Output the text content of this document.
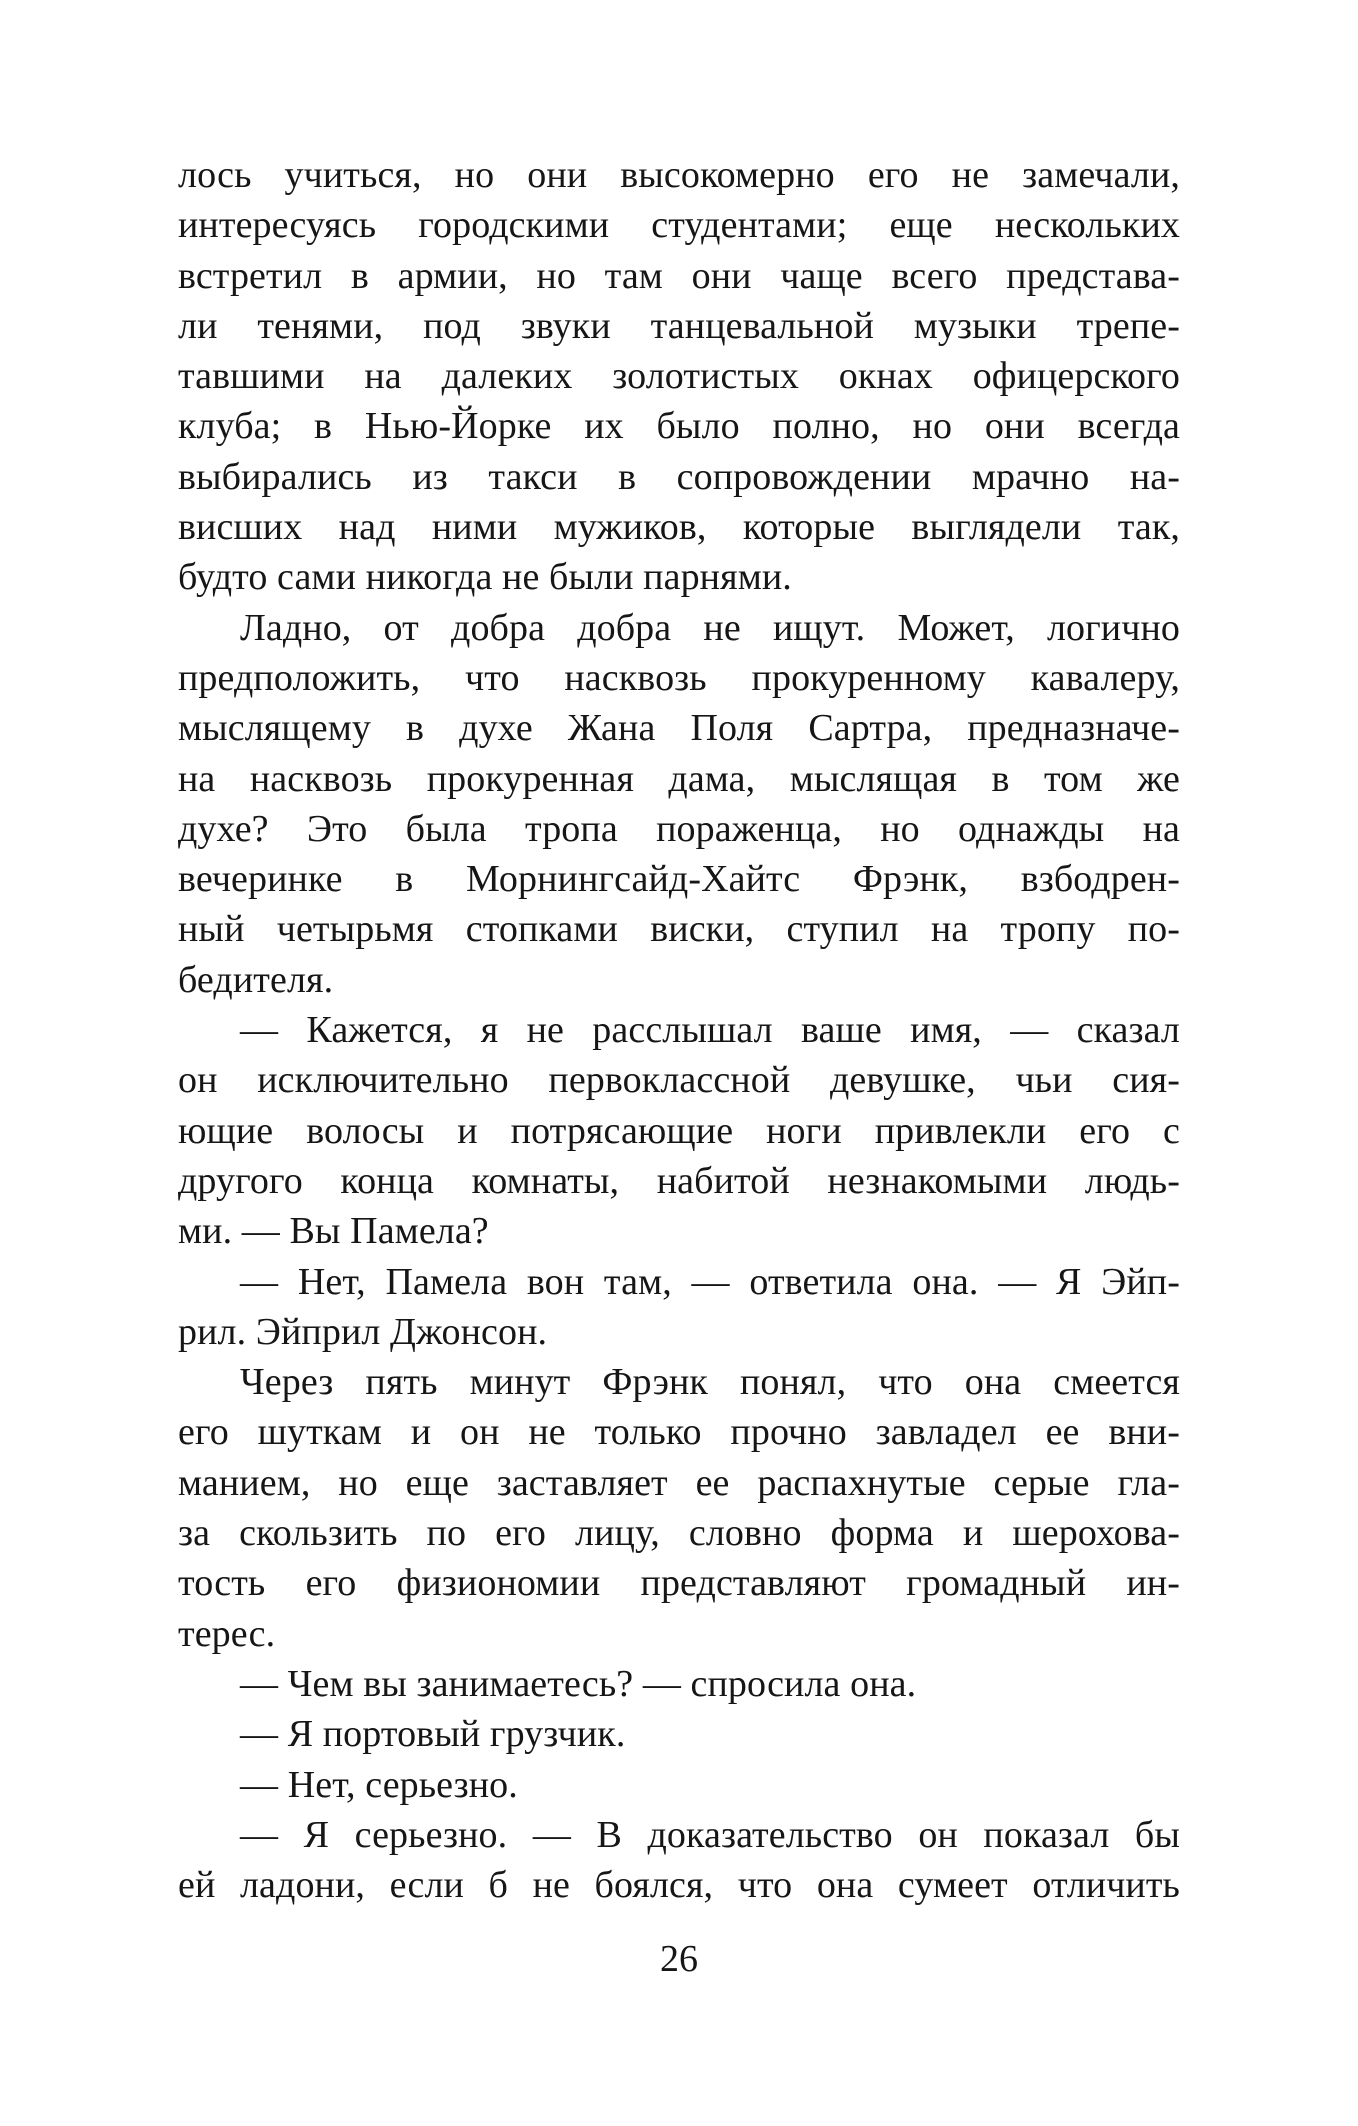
лось учиться, но они высокомерно его не замечали,
интересуясь городскими студентами; еще нескольких
встретил в армии, но там они чаще всего представа-
ли тенями, под звуки танцевальной музыки трепе-
тавшими на далеких золотистых окнах офицерского
клуба; в Нью-Йорке их было полно, но они всегда
выбирались из такси в сопровождении мрачно на-
висших над ними мужиков, которые выглядели так,
будто сами никогда не были парнями.
Ладно, от добра добра не ищут. Может, логично
предположить, что насквозь прокуренному кавалеру,
мыслящему в духе Жана Поля Сартра, предназначе-
на насквозь прокуренная дама, мыслящая в том же
духе? Это была тропа пораженца, но однажды на
вечеринке в Морнингсайд-Хайтс Фрэнк, взбодрен-
ный четырьмя стопками виски, ступил на тропу по-
бедителя.
— Кажется, я не расслышал ваше имя, — сказал
он исключительно первоклассной девушке, чьи сия-
ющие волосы и потрясающие ноги привлекли его с
другого конца комнаты, набитой незнакомыми людь-
ми. — Вы Памела?
— Нет, Памела вон там, — ответила она. — Я Эйп-
рил. Эйприл Джонсон.
Через пять минут Фрэнк понял, что она смеется
его шуткам и он не только прочно завладел ее вни-
манием, но еще заставляет ее распахнутые серые гла-
за скользить по его лицу, словно форма и шерохова-
тость его физиономии представляют громадный ин-
терес.
— Чем вы занимаетесь? — спросила она.
— Я портовый грузчик.
— Нет, серьезно.
— Я серьезно. — В доказательство он показал бы
ей ладони, если б не боялся, что она сумеет отличить
26
